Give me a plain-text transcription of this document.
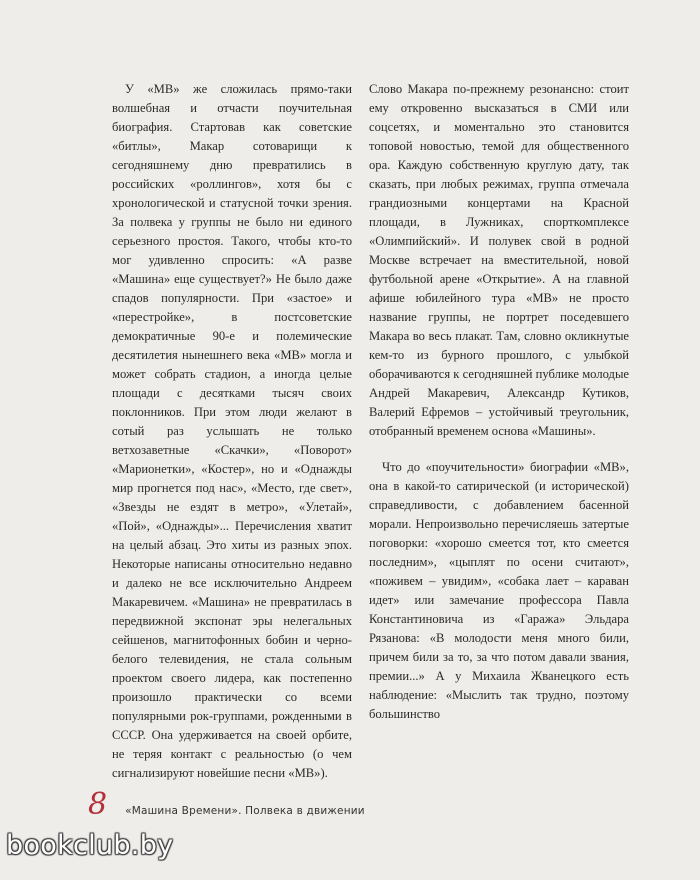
У «МВ» же сложилась прямо-таки волшебная и отчасти поучительная биография. Стартовав как советские «битлы», Макар сотоварищи к сегодняшнему дню превратились в российских «роллингов», хотя бы с хронологической и статусной точки зрения. За полвека у группы не было ни единого серьезного простоя. Такого, чтобы кто-то мог удивленно спросить: «А разве «Машина» еще существует?» Не было даже спадов популярности. При «застое» и «перестройке», в постсоветские демократичные 90-е и полемические десятилетия нынешнего века «МВ» могла и может собрать стадион, а иногда целые площади с десятками тысяч своих поклонников. При этом люди желают в сотый раз услышать не только ветхозаветные «Скачки», «Поворот» «Марионетки», «Костер», но и «Однажды мир прогнется под нас», «Место, где свет», «Звезды не ездят в метро», «Улетай», «Пой», «Однажды»... Перечисления хватит на целый абзац. Это хиты из разных эпох. Некоторые написаны относительно недавно и далеко не все исключительно Андреем Макаревичем. «Машина» не превратилась в передвижной экспонат эры нелегальных сейшенов, магнитофонных бобин и черно-белого телевидения, не стала сольным проектом своего лидера, как постепенно произошло практически со всеми популярными рок-группами, рожденными в СССР. Она удерживается на своей орбите, не теряя контакт с реальностью (о чем сигнализируют новейшие песни «МВ»).

Слово Макара по-прежнему резонансно: стоит ему откровенно высказаться в СМИ или соцсетях, и моментально это становится топовой новостью, темой для общественного ора. Каждую собственную круглую дату, так сказать, при любых режимах, группа отмечала грандиозными концертами на Красной площади, в Лужниках, спорткомплексе «Олимпийский». И полувек свой в родной Москве встречает на вместительной, новой футбольной арене «Открытие». А на главной афише юбилейного тура «МВ» не просто название группы, не портрет поседевшего Макара во весь плакат. Там, словно окликнутые кем-то из бурного прошлого, с улыбкой оборачиваются к сегодняшней публике молодые Андрей Макаревич, Александр Кутиков, Валерий Ефремов – устойчивый треугольник, отобранный временем основа «Машины».

Что до «поучительности» биографии «МВ», она в какой-то сатирической (и исторической) справедливости, с добавлением басенной морали. Непроизвольно перечисляешь затертые поговорки: «хорошо смеется тот, кто смеется последним», «цыплят по осени считают», «поживем – увидим», «собака лает – караван идет» или замечание профессора Павла Константиновича из «Гаража» Эльдара Рязанова: «В молодости меня много били, причем били за то, за что потом давали звания, премии...» А у Михаила Жванецкого есть наблюдение: «Мыслить так трудно, поэтому большинство

8 «Машина Времени». Полвека в движении
bookclub.by
